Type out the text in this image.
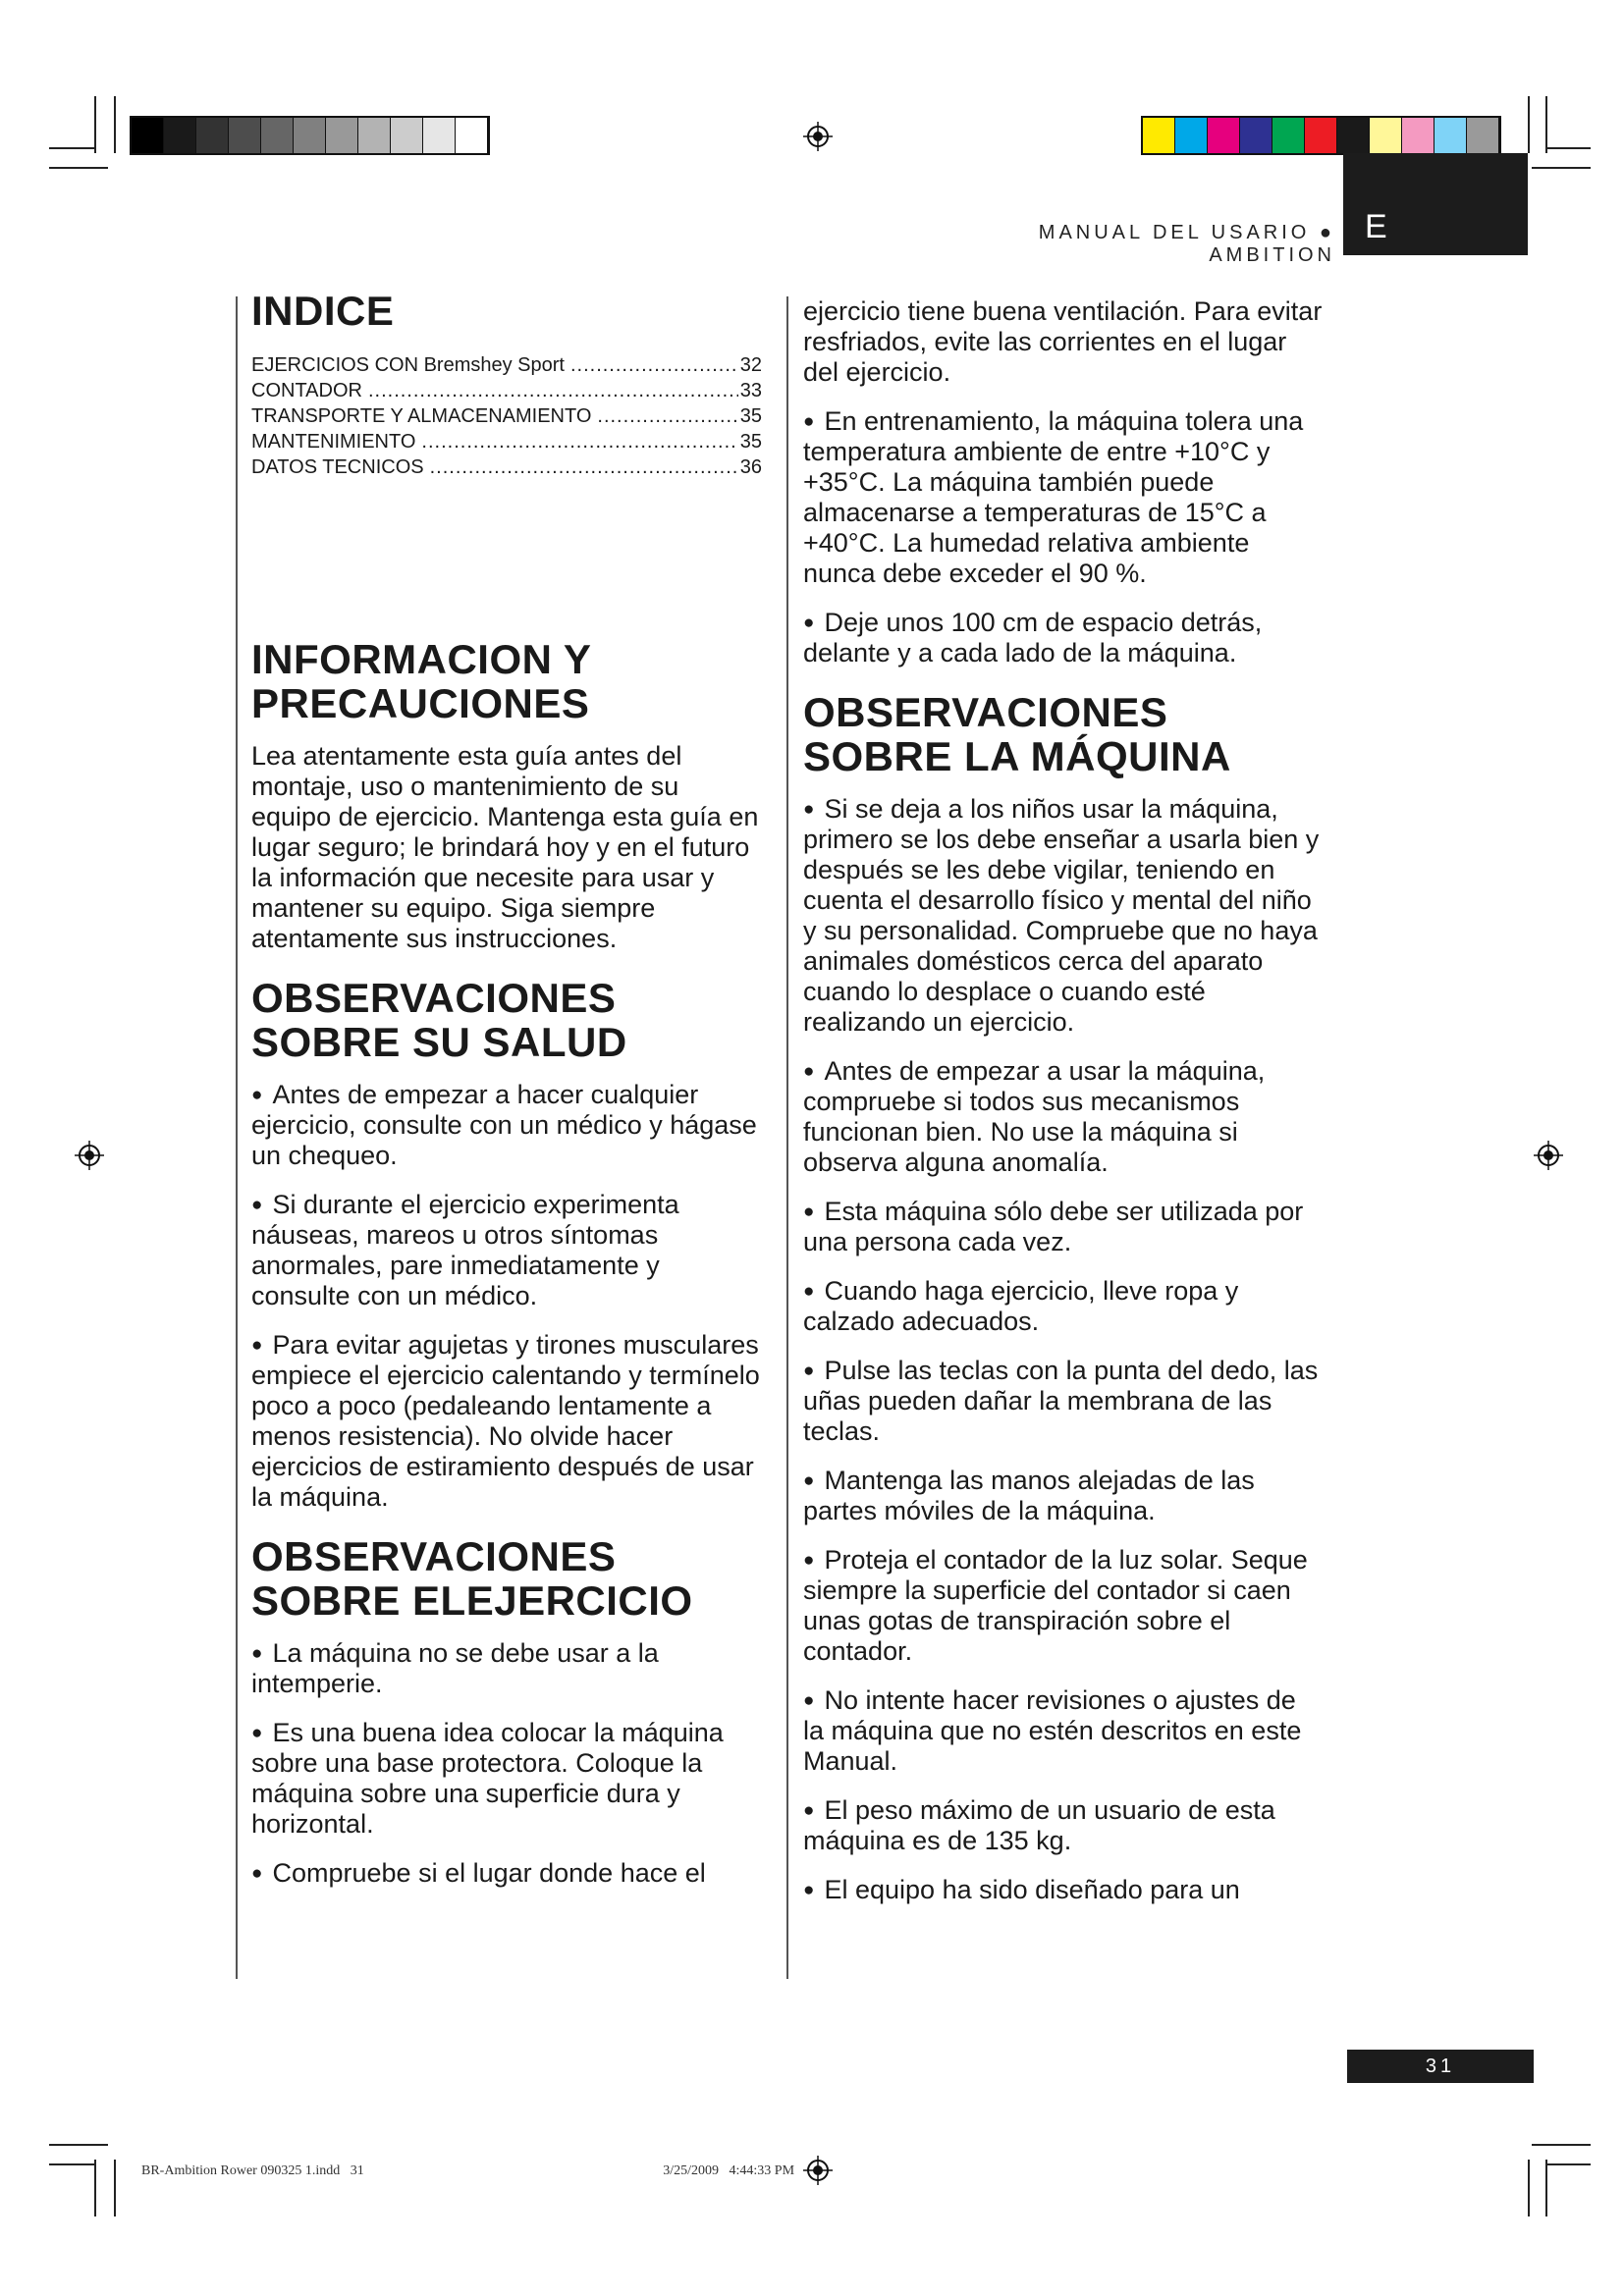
MANUAL DEL USARIO ● AMBITION
E
INDICE
EJERCICIOS CON Bremshey Sport .....	32
CONTADOR .....	33
TRANSPORTE Y ALMACENAMIENTO .....	35
MANTENIMIENTO .....	35
DATOS TECNICOS .....	36
INFORMACION Y
PRECAUCIONES

Lea atentamente esta guía antes del montaje, uso o mantenimiento de su equipo de ejercicio. Mantenga esta guía en lugar seguro; le brindará hoy y en el futuro la información que necesite para usar y mantener su equipo. Siga siempre atentamente sus instrucciones.

OBSERVACIONES
SOBRE SU SALUD

● Antes de empezar a hacer cualquier ejercicio, consulte con un médico y hágase un chequeo.

● Si durante el ejercicio experimenta náuseas, mareos u otros síntomas anormales, pare inmediatamente y consulte con un médico.

● Para evitar agujetas y tirones musculares empiece el ejercicio calentando y termínelo poco a poco (pedaleando lentamente a menos resistencia). No olvide hacer ejercicios de estiramiento después de usar la máquina.

OBSERVACIONES
SOBRE ELEJERCICIO

● La máquina no se debe usar a la intemperie.

● Es una buena idea colocar la máquina sobre una base protectora. Coloque la máquina sobre una superficie dura y horizontal.

● Compruebe si el lugar donde hace el

ejercicio tiene buena ventilación. Para evitar resfriados, evite las corrientes en el lugar del ejercicio.

● En entrenamiento, la máquina tolera una temperatura ambiente de entre +10°C y +35°C. La máquina también puede almacenarse a temperaturas de 15°C a +40°C. La humedad relativa ambiente nunca debe exceder el 90 %.

● Deje unos 100 cm de espacio detrás, delante y a cada lado de la máquina.

OBSERVACIONES
SOBRE LA MÁQUINA

● Si se deja a los niños usar la máquina, primero se los debe enseñar a usarla bien y después se les debe vigilar, teniendo en cuenta el desarrollo físico y mental del niño y su personalidad. Compruebe que no haya animales domésticos cerca del aparato cuando lo desplace o cuando esté realizando un ejercicio.

● Antes de empezar a usar la máquina, compruebe si todos sus mecanismos funcionan bien. No use la máquina si observa alguna anomalía.

● Esta máquina sólo debe ser utilizada por una persona cada vez.

● Cuando haga ejercicio, lleve ropa y calzado adecuados.

● Pulse las teclas con la punta del dedo, las uñas pueden dañar la membrana de las teclas.

● Mantenga las manos alejadas de las partes móviles de la máquina.

● Proteja el contador de la luz solar. Seque siempre la superficie del contador si caen unas gotas de transpiración sobre el contador.

● No intente hacer revisiones o ajustes de la máquina que no estén descritos en este Manual.

● El peso máximo de un usuario de esta máquina es de 135 kg.

● El equipo ha sido diseñado para un

31
BR-Ambition Rower 090325 1.indd   31                                                                                       3/25/2009   4:44:33 PM
